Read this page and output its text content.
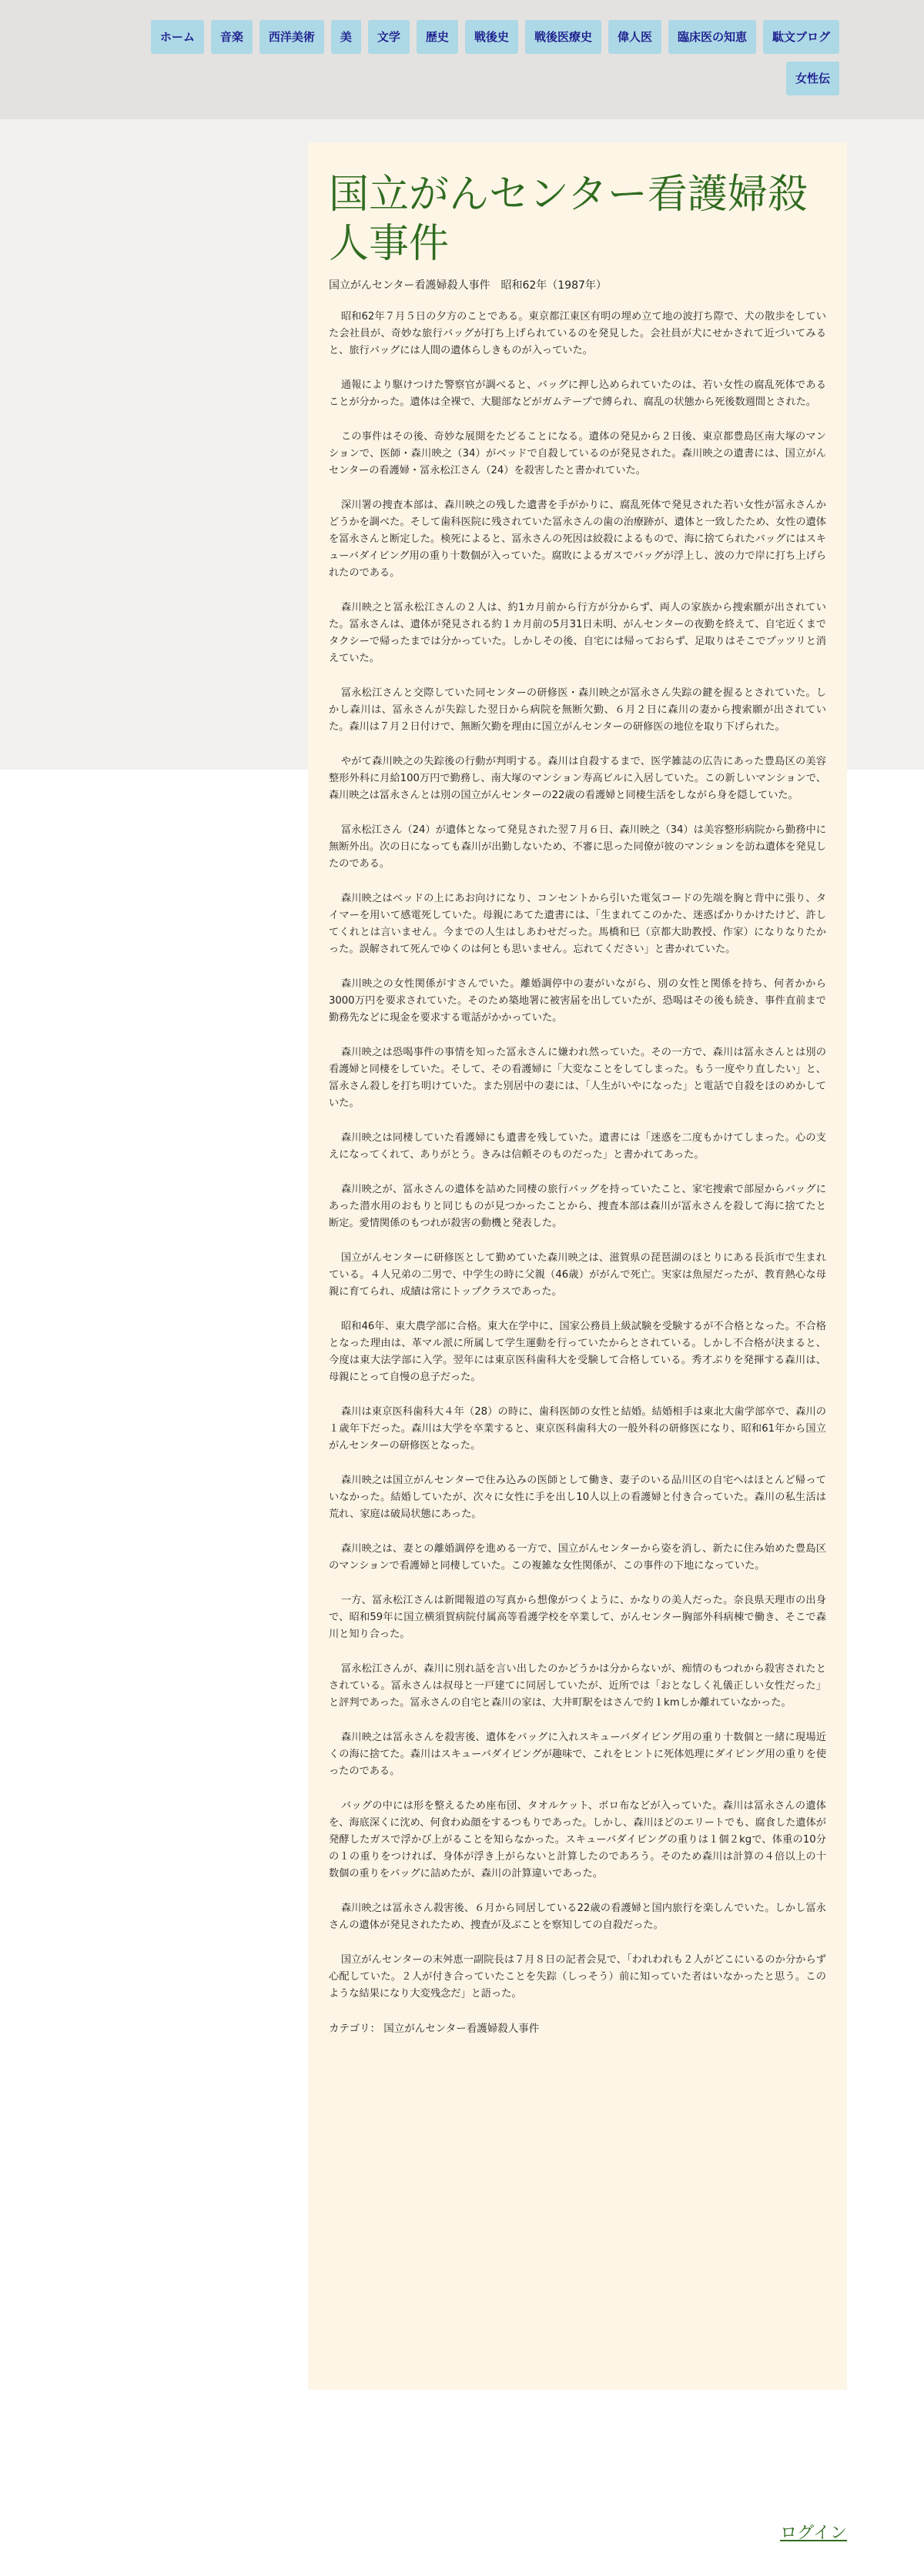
ホーム	音楽	西洋美術	美	文学	歴史	戦後史	戦後医療史	偉人医	臨床医の知恵	駄文ブログ
女性伝
国立がんセンター看護婦殺人事件

国立がんセンター看護婦殺人事件　昭和62年（1987年）

昭和62年７月５日の夕方のことである。東京都江東区有明の埋め立て地の波打ち際で、犬の散歩をしていた会社員が、奇妙な旅行バッグが打ち上げられているのを発見した。会社員が犬にせかされて近づいてみると、旅行バッグには人間の遺体らしきものが入っていた。

通報により駆けつけた警察官が調べると、バッグに押し込められていたのは、若い女性の腐乱死体であることが分かった。遺体は全裸で、大腿部などがガムテープで縛られ、腐乱の状態から死後数週間とされた。

この事件はその後、奇妙な展開をたどることになる。遺体の発見から２日後、東京都豊島区南大塚のマンションで、医師・森川映之（34）がベッドで自殺しているのが発見された。森川映之の遺書には、国立がんセンターの看護婦・冨永松江さん（24）を殺害したと書かれていた。

深川署の捜査本部は、森川映之の残した遺書を手がかりに、腐乱死体で発見された若い女性が冨永さんかどうかを調べた。そして歯科医院に残されていた冨永さんの歯の治療跡が、遺体と一致したため、女性の遺体を冨永さんと断定した。検死によると、冨永さんの死因は絞殺によるもので、海に捨てられたバッグにはスキューバダイビング用の重り十数個が入っていた。腐敗によるガスでバッグが浮上し、波の力で岸に打ち上げられたのである。

森川映之と冨永松江さんの２人は、約1カ月前から行方が分からず、両人の家族から捜索願が出されていた。冨永さんは、遺体が発見される約１カ月前の5月31日未明、がんセンターの夜勤を終えて、自宅近くまでタクシーで帰ったまでは分かっていた。しかしその後、自宅には帰っておらず、足取りはそこでプッツリと消えていた。

冨永松江さんと交際していた同センターの研修医・森川映之が冨永さん失踪の鍵を握るとされていた。しかし森川は、冨永さんが失踪した翌日から病院を無断欠勤、６月２日に森川の妻から捜索願が出されていた。森川は７月２日付けで、無断欠勤を理由に国立がんセンターの研修医の地位を取り下げられた。

やがて森川映之の失踪後の行動が判明する。森川は自殺するまで、医学雑誌の広告にあった豊島区の美容整形外科に月給100万円で勤務し、南大塚のマンション寿高ビルに入居していた。この新しいマンションで、森川映之は冨永さんとは別の国立がんセンターの22歳の看護婦と同棲生活をしながら身を隠していた。

冨永松江さん（24）が遺体となって発見された翌７月６日、森川映之（34）は美容整形病院から勤務中に無断外出。次の日になっても森川が出勤しないため、不審に思った同僚が彼のマンションを訪ね遺体を発見したのである。

森川映之はベッドの上にあお向けになり、コンセントから引いた電気コードの先端を胸と背中に張り、タイマーを用いて感電死していた。母親にあてた遺書には、「生まれてこのかた、迷惑ばかりかけたけど、許してくれとは言いません。今までの人生はしあわせだった。馬橋和巳（京都大助教授、作家）になりなりたかった。誤解されて死んでゆくのは何とも思いません。忘れてください」と書かれていた。

森川映之の女性関係がすさんでいた。離婚調停中の妻がいながら、別の女性と関係を持ち、何者かから3000万円を要求されていた。そのため築地署に被害届を出していたが、恐喝はその後も続き、事件直前まで勤務先などに現金を要求する電話がかかっていた。

森川映之は恐喝事件の事情を知った冨永さんに嫌われ然っていた。その一方で、森川は冨永さんとは別の看護婦と同棲をしていた。そして、その看護婦に「大変なことをしてしまった。もう一度やり直したい」と、冨永さん殺しを打ち明けていた。また別居中の妻には、「人生がいやになった」と電話で自殺をほのめかしていた。

森川映之は同棲していた看護婦にも遺書を残していた。遺書には「迷惑を二度もかけてしまった。心の支えになってくれて、ありがとう。きみは信頼そのものだった」と書かれてあった。

森川映之が、冨永さんの遺体を詰めた同棲の旅行バッグを持っていたこと、家宅捜索で部屋からバッグにあった潜水用のおもりと同じものが見つかったことから、捜査本部は森川が冨永さんを殺して海に捨てたと断定。愛情関係のもつれが殺害の動機と発表した。

国立がんセンターに研修医として勤めていた森川映之は、滋賀県の琵琶湖のほとりにある長浜市で生まれている。４人兄弟の二男で、中学生の時に父親（46歳）ががんで死亡。実家は魚屋だったが、教育熱心な母親に育てられ、成績は常にトップクラスであった。

昭和46年、東大農学部に合格。東大在学中に、国家公務員上級試験を受験するが不合格となった。不合格となった理由は、革マル派に所属して学生運動を行っていたからとされている。しかし不合格が決まると、今度は東大法学部に入学。翌年には東京医科歯科大を受験して合格している。秀才ぶりを発揮する森川は、母親にとって自慢の息子だった。

森川は東京医科歯科大４年（28）の時に、歯科医師の女性と結婚。結婚相手は東北大歯学部卒で、森川の１歳年下だった。森川は大学を卒業すると、東京医科歯科大の一般外科の研修医になり、昭和61年から国立がんセンターの研修医となった。

森川映之は国立がんセンターで住み込みの医師として働き、妻子のいる品川区の自宅へはほとんど帰っていなかった。結婚していたが、次々に女性に手を出し10人以上の看護婦と付き合っていた。森川の私生活は荒れ、家庭は破局状態にあった。

森川映之は、妻との離婚調停を進める一方で、国立がんセンターから姿を消し、新たに住み始めた豊島区のマンションで看護婦と同棲していた。この複雑な女性関係が、この事件の下地になっていた。

一方、冨永松江さんは新聞報道の写真から想像がつくように、かなりの美人だった。奈良県天理市の出身で、昭和59年に国立横須賀病院付属高等看護学校を卒業して、がんセンター胸部外科病棟で働き、そこで森川と知り合った。

冨永松江さんが、森川に別れ話を言い出したのかどうかは分からないが、痴情のもつれから殺害されたとされている。冨永さんは叔母と一戸建てに同居していたが、近所では「おとなしく礼儀正しい女性だった」と評判であった。冨永さんの自宅と森川の家は、大井町駅をはさんで約１kmしか離れていなかった。

森川映之は冨永さんを殺害後、遺体をバッグに入れスキューバダイビング用の重り十数個と一緒に現場近くの海に捨てた。森川はスキューバダイビングが趣味で、これをヒントに死体処理にダイビング用の重りを使ったのである。

バッグの中には形を整えるため座布団、タオルケット、ボロ布などが入っていた。森川は冨永さんの遺体を、海底深くに沈め、何食わぬ顔をするつもりであった。しかし、森川ほどのエリートでも、腐食した遺体が発酵したガスで浮かび上がることを知らなかった。スキューバダイビングの重りは１個２kgで、体重の10分の１の重りをつければ、身体が浮き上がらないと計算したのであろう。そのため森川は計算の４倍以上の十数個の重りをバッグに詰めたが、森川の計算違いであった。

森川映之は冨永さん殺害後、６月から同居している22歳の看護婦と国内旅行を楽しんでいた。しかし冨永さんの遺体が発見されたため、捜査が及ぶことを察知しての自殺だった。

国立がんセンターの末舛恵一副院長は７月８日の記者会見で、「われわれも２人がどこにいるのか分からず心配していた。２人が付き合っていたことを失踪（しっそう）前に知っていた者はいなかったと思う。このような結果になり大変残念だ」と語った。

カテゴリ： 国立がんセンター看護婦殺人事件

ログイン
